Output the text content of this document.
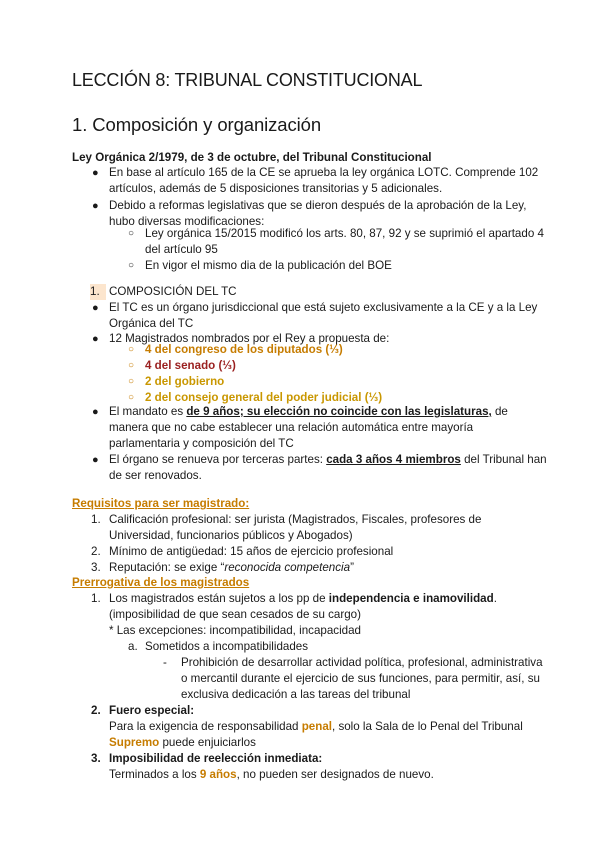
LECCIÓN 8: TRIBUNAL CONSTITUCIONAL
1. Composición y organización
Ley Orgánica 2/1979, de 3 de octubre, del Tribunal Constitucional
● En base al artículo 165 de la CE se aprueba la ley orgánica LOTC. Comprende 102
artículos, además de 5 disposiciones transitorias y 5 adicionales.
● Debido a reformas legislativas que se dieron después de la aprobación de la Ley,
hubo diversas modificaciones:
○ Ley orgánica 15/2015 modificó los arts. 80, 87, 92 y se suprimió el apartado 4
del artículo 95
○ En vigor el mismo dia de la publicación del BOE
1. COMPOSICIÓN DEL TC
● El TC es un órgano jurisdiccional que está sujeto exclusivamente a la CE y a la Ley
Orgánica del TC
● 12 Magistrados nombrados por el Rey a propuesta de:
○ 4 del congreso de los diputados (⅓)
○ 4 del senado (⅓)
○ 2 del gobierno
○ 2 del consejo general del poder judicial (⅓)
● El mandato es de 9 años; su elección no coincide con las legislaturas, de
manera que no cabe establecer una relación automática entre mayoría
parlamentaria y composición del TC
● El órgano se renueva por terceras partes: cada 3 años 4 miembros del Tribunal han
de ser renovados.
Requisitos para ser magistrado:
1. Calificación profesional: ser jurista (Magistrados, Fiscales, profesores de
Universidad, funcionarios públicos y Abogados)
2. Mínimo de antigüedad: 15 años de ejercicio profesional
3. Reputación: se exige “reconocida competencia”
Prerrogativa de los magistrados
1. Los magistrados están sujetos a los pp de independencia e inamovilidad.
(imposibilidad de que sean cesados de su cargo)
* Las excepciones: incompatibilidad, incapacidad
a. Sometidos a incompatibilidades
- Prohibición de desarrollar actividad política, profesional, administrativa
o mercantil durante el ejercicio de sus funciones, para permitir, así, su
exclusiva dedicación a las tareas del tribunal
2. Fuero especial:
Para la exigencia de responsabilidad penal, solo la Sala de lo Penal del Tribunal
Supremo puede enjuiciarlos
3. Imposibilidad de reelección inmediata:
Terminados a los 9 años, no pueden ser designados de nuevo.
